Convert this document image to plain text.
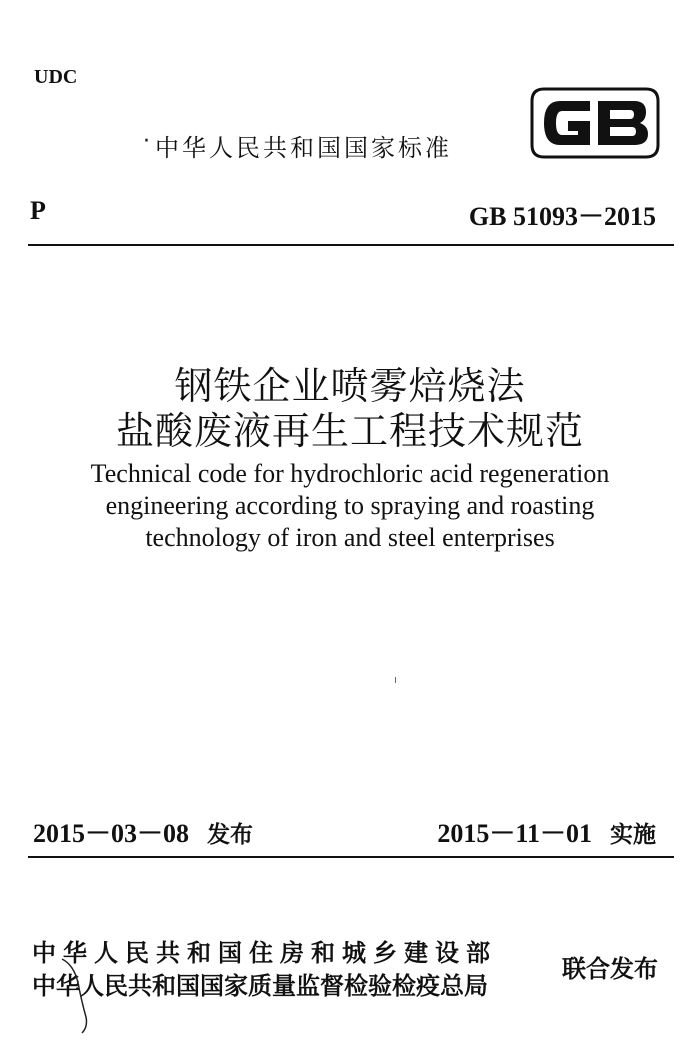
UDC
· 中华人民共和国国家标准
P	GB 51093－2015
钢铁企业喷雾焙烧法
盐酸废液再生工程技术规范
Technical code for hydrochloric acid regeneration
engineering according to spraying and roasting
technology of iron and steel enterprises
2015－03－08 发布	2015－11－01 实施
中华人民共和国住房和城乡建设部
中华人民共和国国家质量监督检验检疫总局
联合发布
